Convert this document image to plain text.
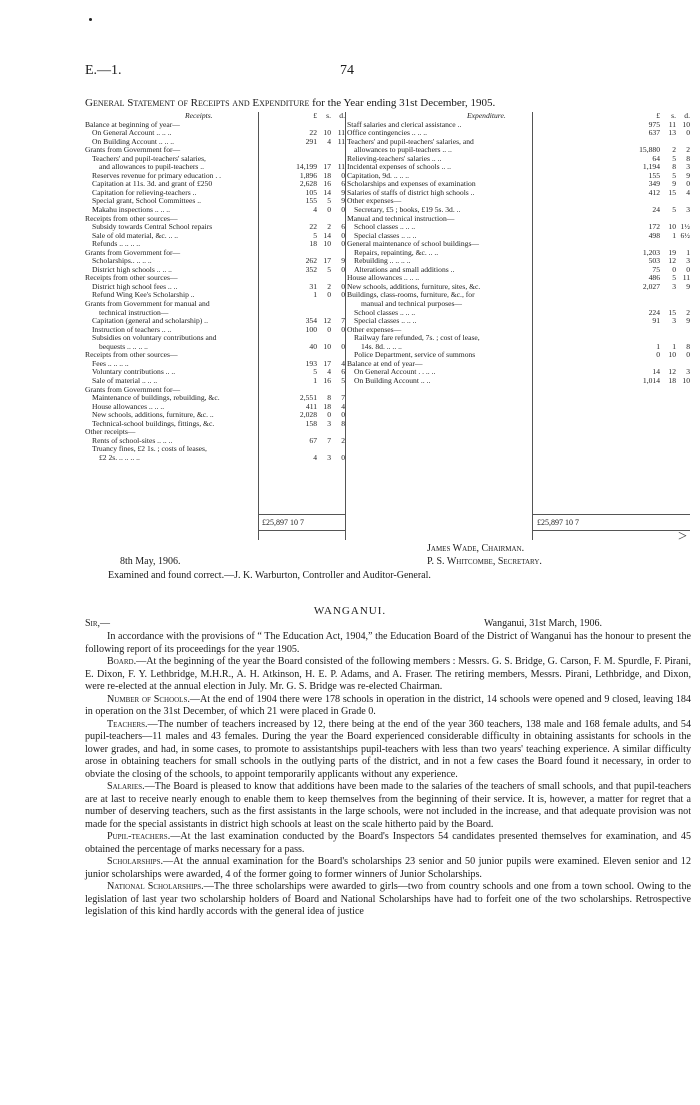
E.—1.	74
General Statement of Receipts and Expenditure for the Year ending 31st December, 1905.
Receipts.	£ s. d.
Balance at beginning of year—
On General Account .. .. ..	22 10 11
On Building Account .. .. ..	291 4 11
Grants from Government for—
Teachers' and pupil-teachers' salaries,
and allowances to pupil-teachers ..	14,199 17 11
Reserves revenue for primary education . .	1,896 18 0
Capitation at 11s. 3d. and grant of £250	2,628 16 6
Capitation for relieving-teachers ..	105 14 9
Special grant, School Committees ..	155 5 9
Makahu inspections .. .. ..	4 0 0
Receipts from other sources—
Subsidy towards Central School repairs	22 2 6
Sale of old material, &c. .. ..	5 14 0
Refunds .. .. .. ..	18 10 0
Grants from Government for—
Scholarships.. .. .. ..	262 17 9
District high schools .. .. ..	352 5 0
Receipts from other sources—
District high school fees .. ..	31 2 0
Refund Wing Kee's Scholarship ..	1 0 0
Grants from Government for manual and
technical instruction—
Capitation (general and scholarship) ..	354 12 7
Instruction of teachers .. ..	100 0 0
Subsidies on voluntary contributions and
bequests .. .. .. ..	40 10 0
Receipts from other sources—
Fees .. .. .. ..	193 17 4
Voluntary contributions .. ..	5 4 6
Sale of material .. .. ..	1 16 5
Grants from Government for—
Maintenance of buildings, rebuilding, &c.	2,551 8 7
House allowances .. .. ..	411 18 4
New schools, additions, furniture, &c. ..	2,028 0 0
Technical-school buildings, fittings, &c.	158 3 8
Other receipts—
Rents of school-sites .. .. ..	67 7 2
Truancy fines, £2 1s. ; costs of leases,
£2 2s. .. .. .. ..	4 3 0
Expenditure.	£ s. d.
Staff salaries and clerical assistance ..	975 11 10
Office contingencies .. .. ..	637 13 0
Teachers' and pupil-teachers' salaries, and
allowances to pupil-teachers .. ..	15,880 2 2
Relieving-teachers' salaries .. ..	64 5 8
Incidental expenses of schools .. ..	1,194 8 3
Capitation, 9d. .. .. ..	155 5 9
Scholarships and expenses of examination	349 9 0
Salaries of staffs of district high schools ..	412 15 4
Other expenses—
Secretary, £5 ; books, £19 5s. 3d. ..	24 5 3
Manual and technical instruction—
School classes .. .. ..	172 10 1½
Special classes .. .. ..	498 1 6½
General maintenance of school buildings—
Repairs, repainting, &c. .. ..	1,203 19 1
Rebuilding .. .. .. ..	503 12 3
Alterations and small additions ..	75 0 0
House allowances .. .. ..	486 5 11
New schools, additions, furniture, sites, &c.	2,027 3 9
Buildings, class-rooms, furniture, &c., for
manual and technical purposes—
School classes .. .. ..	224 15 2
Special classes .. .. ..	91 3 9
Other expenses—
Railway fare refunded, 7s. ; cost of lease,
14s. 8d. .. .. ..	1 1 8
Police Department, service of summons	0 10 0
Balance at end of year—
On General Account . . .. ..	14 12 3
On Building Account .. ..	1,014 18 10
£25,897 10 7	£25,897 10 7
James Wade, Chairman.
8th May, 1906.	P. S. Whitcombe, Secretary.
Examined and found correct.—J. K. Warburton, Controller and Auditor-General.
>
WANGANUI.
Sir,—	Wanganui, 31st March, 1906.

In accordance with the provisions of “ The Education Act, 1904,” the Education Board of the District of Wanganui has the honour to present the following report of its proceedings for the year 1905.

Board.—At the beginning of the year the Board consisted of the following members : Messrs. G. S. Bridge, G. Carson, F. M. Spurdle, F. Pirani, E. Dixon, F. Y. Lethbridge, M.H.R., A. H. Atkinson, H. E. P. Adams, and A. Fraser. The retiring members, Messrs. Pirani, Lethbridge, and Dixon, were re-elected at the annual election in July. Mr. G. S. Bridge was re-elected Chairman.

Number of Schools.—At the end of 1904 there were 178 schools in operation in the district, 14 schools were opened and 9 closed, leaving 184 in operation on the 31st December, of which 21 were placed in Grade 0.

Teachers.—The number of teachers increased by 12, there being at the end of the year 360 teachers, 138 male and 168 female adults, and 54 pupil-teachers—11 males and 43 females. During the year the Board experienced considerable difficulty in obtaining assistants for schools in the lower grades, and had, in some cases, to promote to assistantships pupil-teachers with less than two years' teaching experience. A similar difficulty arose in obtaining teachers for small schools in the outlying parts of the district, and in not a few cases the Board found it necessary, in order to obviate the closing of the schools, to appoint temporarily applicants without any experience.

Salaries.—The Board is pleased to know that additions have been made to the salaries of the teachers of small schools, and that pupil-teachers are at last to receive nearly enough to enable them to keep themselves from the beginning of their service. It is, however, a matter for regret that a number of deserving teachers, such as the first assistants in the large schools, were not included in the increase, and that adequate provision was not made for the special assistants in district high schools at least on the scale hitherto paid by the Board.

Pupil-teachers.—At the last examination conducted by the Board's Inspectors 54 candidates presented themselves for examination, and 45 obtained the percentage of marks necessary for a pass.

Scholarships.—At the annual examination for the Board's scholarships 23 senior and 50 junior pupils were examined. Eleven senior and 12 junior scholarships were awarded, 4 of the former going to former winners of Junior Scholarships.

National Scholarships.—The three scholarships were awarded to girls—two from country schools and one from a town school. Owing to the legislation of last year two scholarship holders of Board and National Scholarships have had to forfeit one of the two scholarships. Retrospective legislation of this kind hardly accords with the general idea of justice
